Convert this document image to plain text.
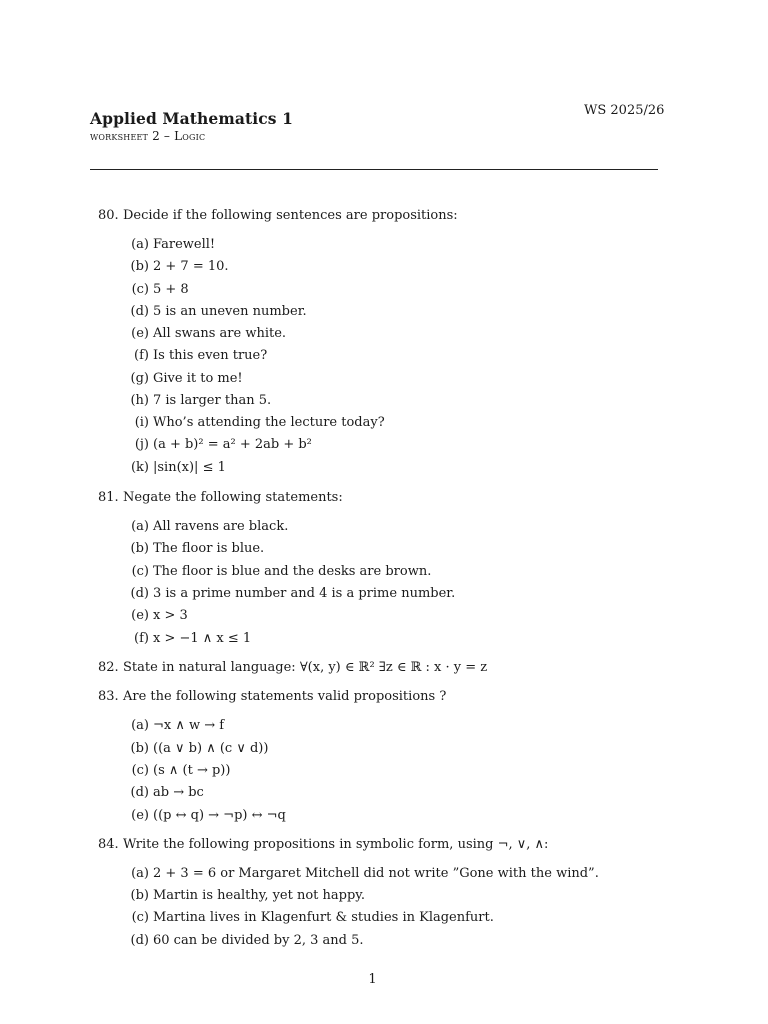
Applied Mathematics 1
worksheet 2 – Logic
WS 2025/26
80. Decide if the following sentences are propositions:
(a) Farewell!
(b) 2 + 7 = 10.
(c) 5 + 8
(d) 5 is an uneven number.
(e) All swans are white.
(f) Is this even true?
(g) Give it to me!
(h) 7 is larger than 5.
(i) Who’s attending the lecture today?
(j) (a + b)² = a² + 2ab + b²
(k) |sin(x)| ≤ 1
81. Negate the following statements:
(a) All ravens are black.
(b) The floor is blue.
(c) The floor is blue and the desks are brown.
(d) 3 is a prime number and 4 is a prime number.
(e) x > 3
(f) x > −1 ∧ x ≤ 1
82. State in natural language: ∀(x, y) ∈ ℝ² ∃z ∈ ℝ : x · y = z
83. Are the following statements valid propositions ?
(a) ¬x ∧ w → f
(b) ((a ∨ b) ∧ (c ∨ d))
(c) (s ∧ (t → p))
(d) ab → bc
(e) ((p ↔ q) → ¬p) ↔ ¬q
84. Write the following propositions in symbolic form, using ¬, ∨, ∧:
(a) 2 + 3 = 6 or Margaret Mitchell did not write ”Gone with the wind”.
(b) Martin is healthy, yet not happy.
(c) Martina lives in Klagenfurt & studies in Klagenfurt.
(d) 60 can be divided by 2, 3 and 5.
1
